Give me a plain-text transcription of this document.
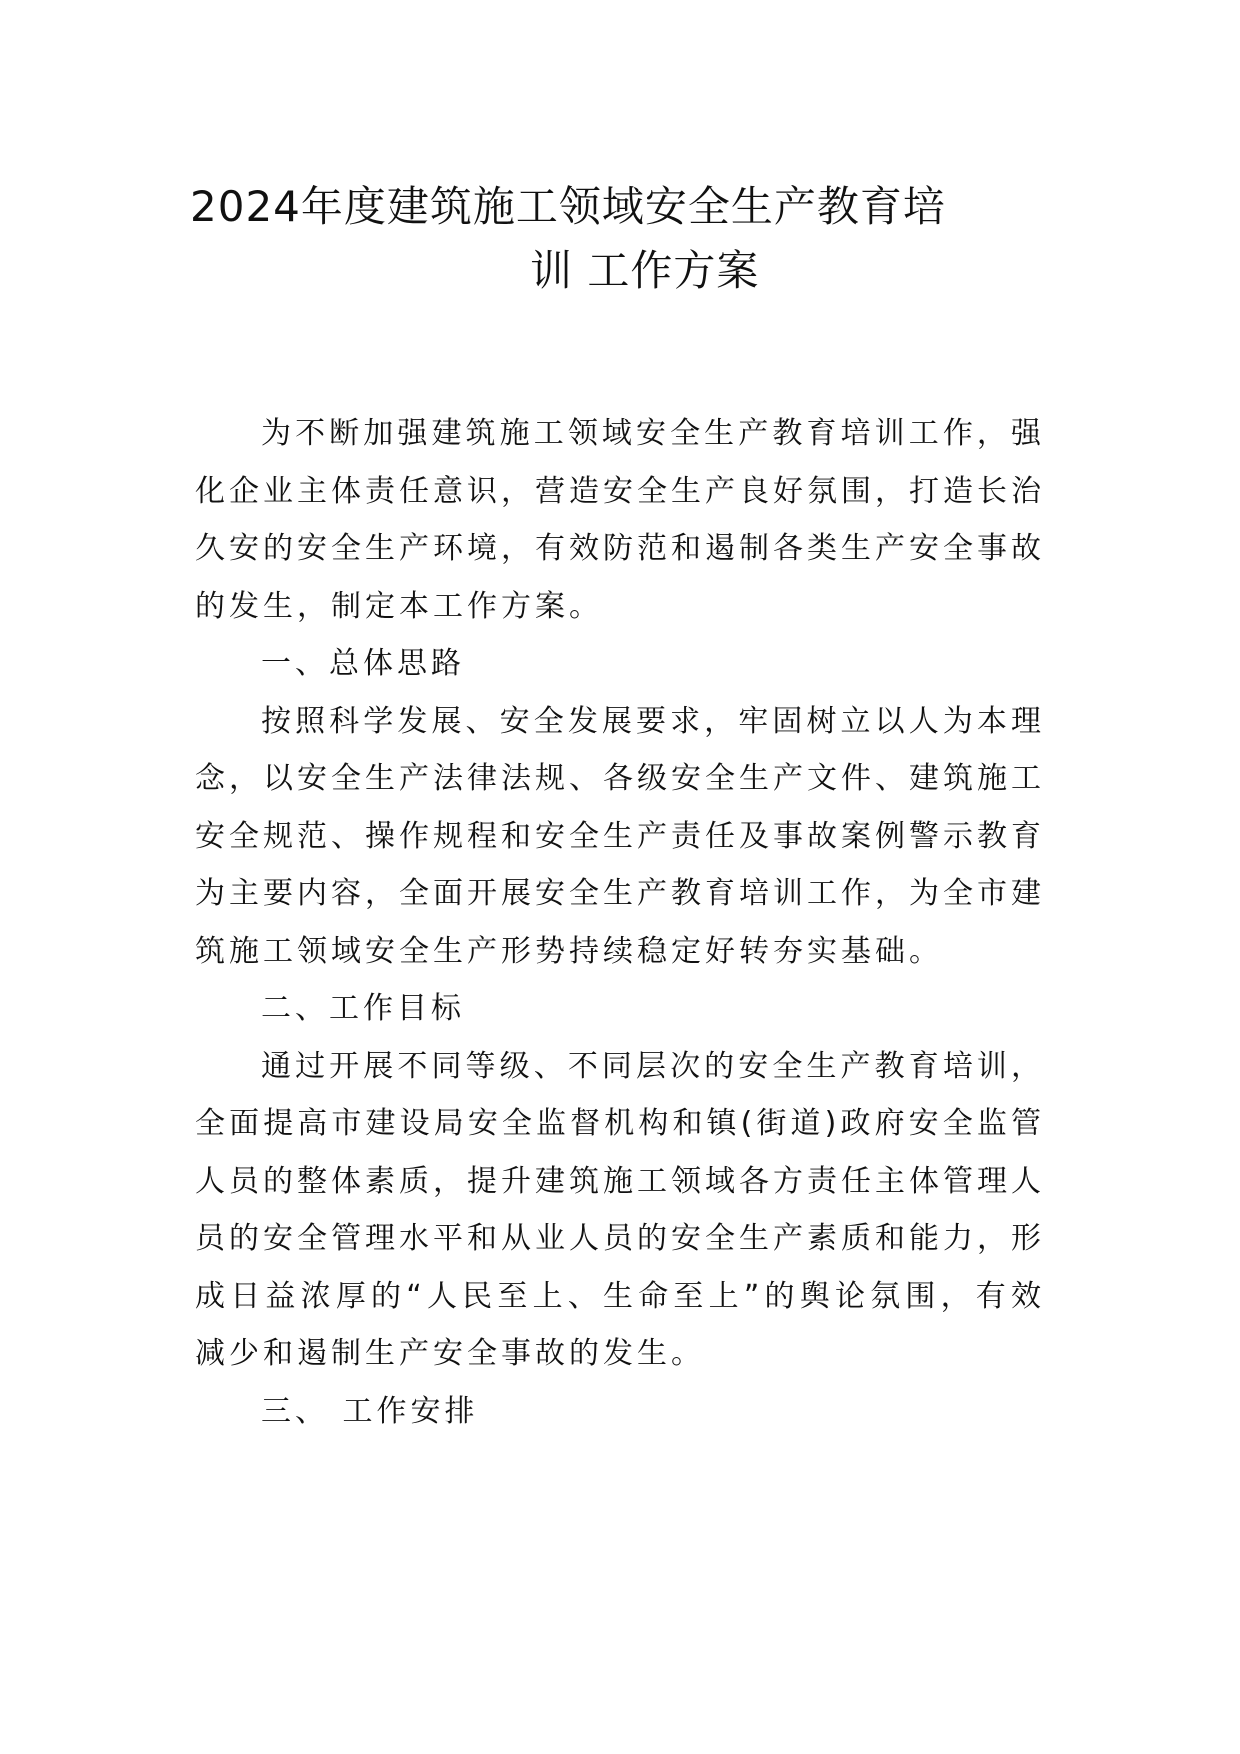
2024年度建筑施工领域安全生产教育培
训 工作方案

为不断加强建筑施工领域安全生产教育培训工作，强化企业主体责任意识，营造安全生产良好氛围，打造长治久安的安全生产环境，有效防范和遏制各类生产安全事故的发生，制定本工作方案。

一、总体思路

按照科学发展、安全发展要求，牢固树立以人为本理念，以安全生产法律法规、各级安全生产文件、建筑施工安全规范、操作规程和安全生产责任及事故案例警示教育为主要内容，全面开展安全生产教育培训工作，为全市建筑施工领域安全生产形势持续稳定好转夯实基础。

二、工作目标

通过开展不同等级、不同层次的安全生产教育培训，全面提高市建设局安全监督机构和镇(街道)政府安全监管人员的整体素质，提升建筑施工领域各方责任主体管理人员的安全管理水平和从业人员的安全生产素质和能力，形成日益浓厚的“人民至上、生命至上”的舆论氛围，有效减少和遏制生产安全事故的发生。

三、 工作安排
